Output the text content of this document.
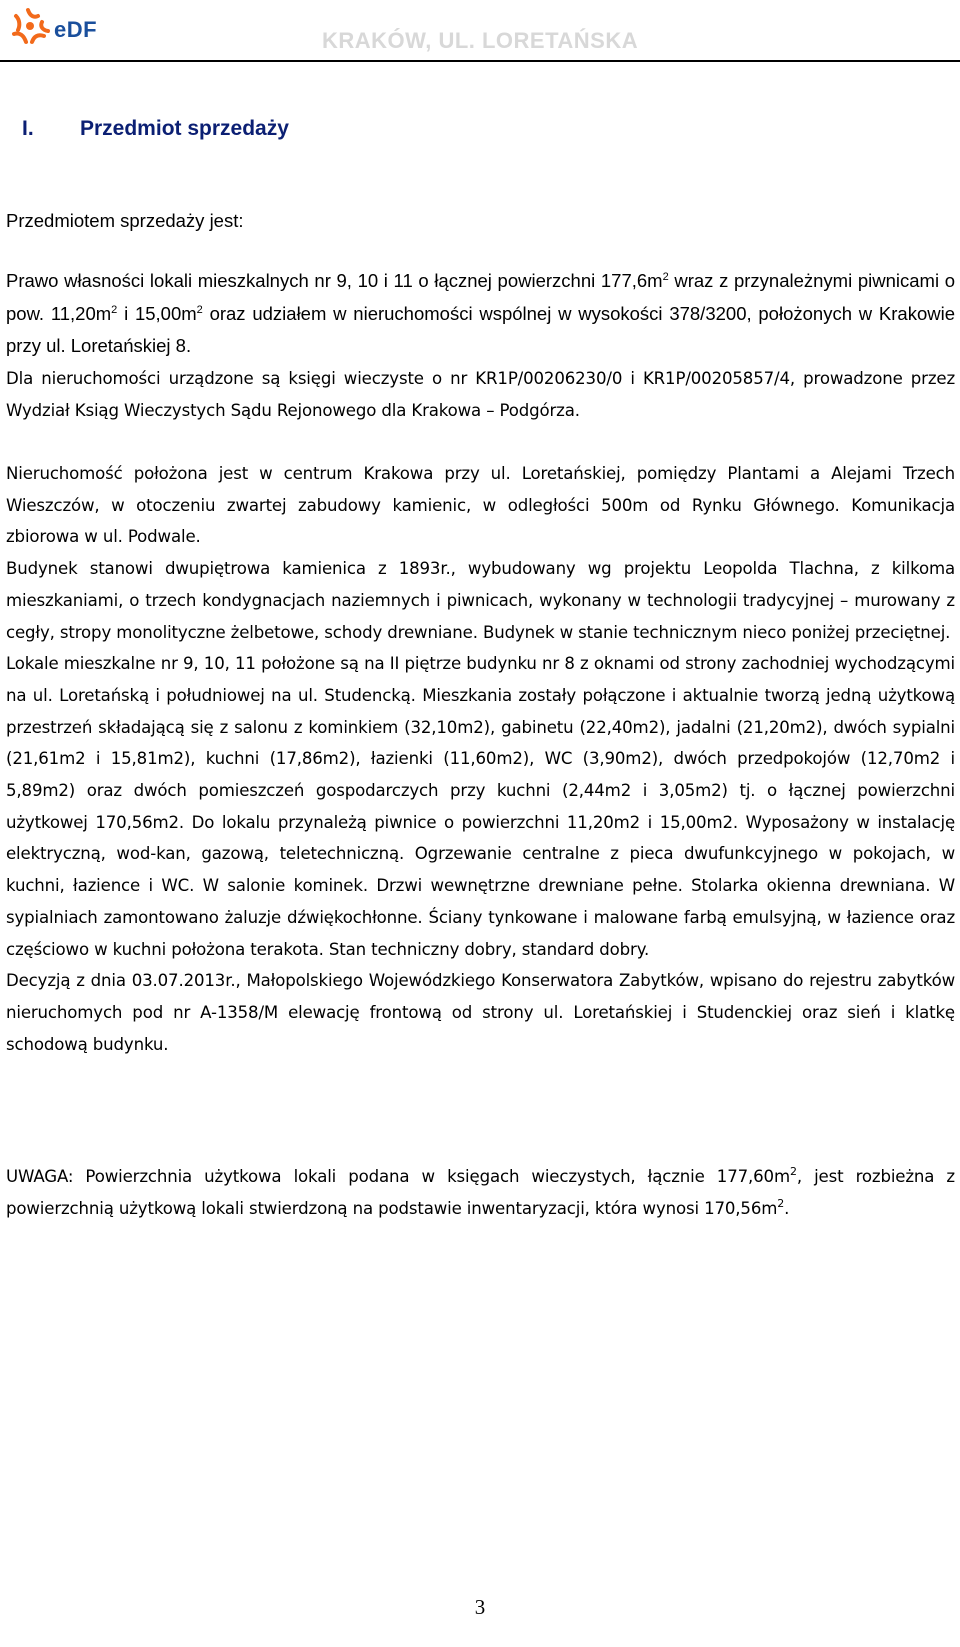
eDF	KRAKÓW, UL. LORETAŃSKA
I. Przedmiot sprzedaży

Przedmiotem sprzedaży jest:

Prawo własności lokali mieszkalnych nr 9, 10 i 11 o łącznej powierzchni $177,6m^2$ wraz z przynależnymi piwnicami o pow. $11,20m^2$ i $15,00m^2$ oraz udziałem w nieruchomości wspólnej w wysokości 378/3200, położonych w Krakowie przy ul. Loretańskiej 8.
Dla nieruchomości urządzone są księgi wieczyste o nr KR1P/00206230/0 i KR1P/00205857/4, prowadzone przez Wydział Ksiąg Wieczystych Sądu Rejonowego dla Krakowa – Podgórza.

Nieruchomość położona jest w centrum Krakowa przy ul. Loretańskiej, pomiędzy Plantami a Alejami Trzech Wieszczów, w otoczeniu zwartej zabudowy kamienic, w odległości 500m od Rynku Głównego. Komunikacja zbiorowa w ul. Podwale.
Budynek stanowi dwupiętrowa kamienica z 1893r., wybudowany wg projektu Leopolda Tlachna, z kilkoma mieszkaniami, o trzech kondygnacjach naziemnych i piwnicach, wykonany w technologii tradycyjnej – murowany z cegły, stropy monolityczne żelbetowe, schody drewniane. Budynek w stanie technicznym nieco poniżej przeciętnej.
Lokale mieszkalne nr 9, 10, 11 położone są na II piętrze budynku nr 8 z oknami od strony zachodniej wychodzącymi na ul. Loretańską i południowej na ul. Studencką. Mieszkania zostały połączone i aktualnie tworzą jedną użytkową przestrzeń składającą się z salonu z kominkiem (32,10m2), gabinetu (22,40m2), jadalni (21,20m2), dwóch sypialni (21,61m2 i 15,81m2), kuchni (17,86m2), łazienki (11,60m2), WC (3,90m2), dwóch przedpokojów (12,70m2 i 5,89m2) oraz dwóch pomieszczeń gospodarczych przy kuchni (2,44m2 i 3,05m2) tj. o łącznej powierzchni użytkowej 170,56m2. Do lokalu przynależą piwnice o powierzchni 11,20m2 i 15,00m2. Wyposażony w instalację elektryczną, wod-kan, gazową, teletechniczną. Ogrzewanie centralne z pieca dwufunkcyjnego w pokojach, w kuchni, łazience i WC. W salonie kominek. Drzwi wewnętrzne drewniane pełne. Stolarka okienna drewniana. W sypialniach zamontowano żaluzje dźwiękochłonne. Ściany tynkowane i malowane farbą emulsyjną, w łazience oraz częściowo w kuchni położona terakota. Stan techniczny dobry, standard dobry.
Decyzją z dnia 03.07.2013r., Małopolskiego Wojewódzkiego Konserwatora Zabytków, wpisano do rejestru zabytków nieruchomych pod nr A-1358/M elewację frontową od strony ul. Loretańskiej i Studenckiej oraz sień i klatkę schodową budynku.

UWAGA: Powierzchnia użytkowa lokali podana w księgach wieczystych, łącznie $177,60m^2$, jest rozbieżna z powierzchnią użytkową lokali stwierdzoną na podstawie inwentaryzacji, która wynosi $170,56m^2$.

3
